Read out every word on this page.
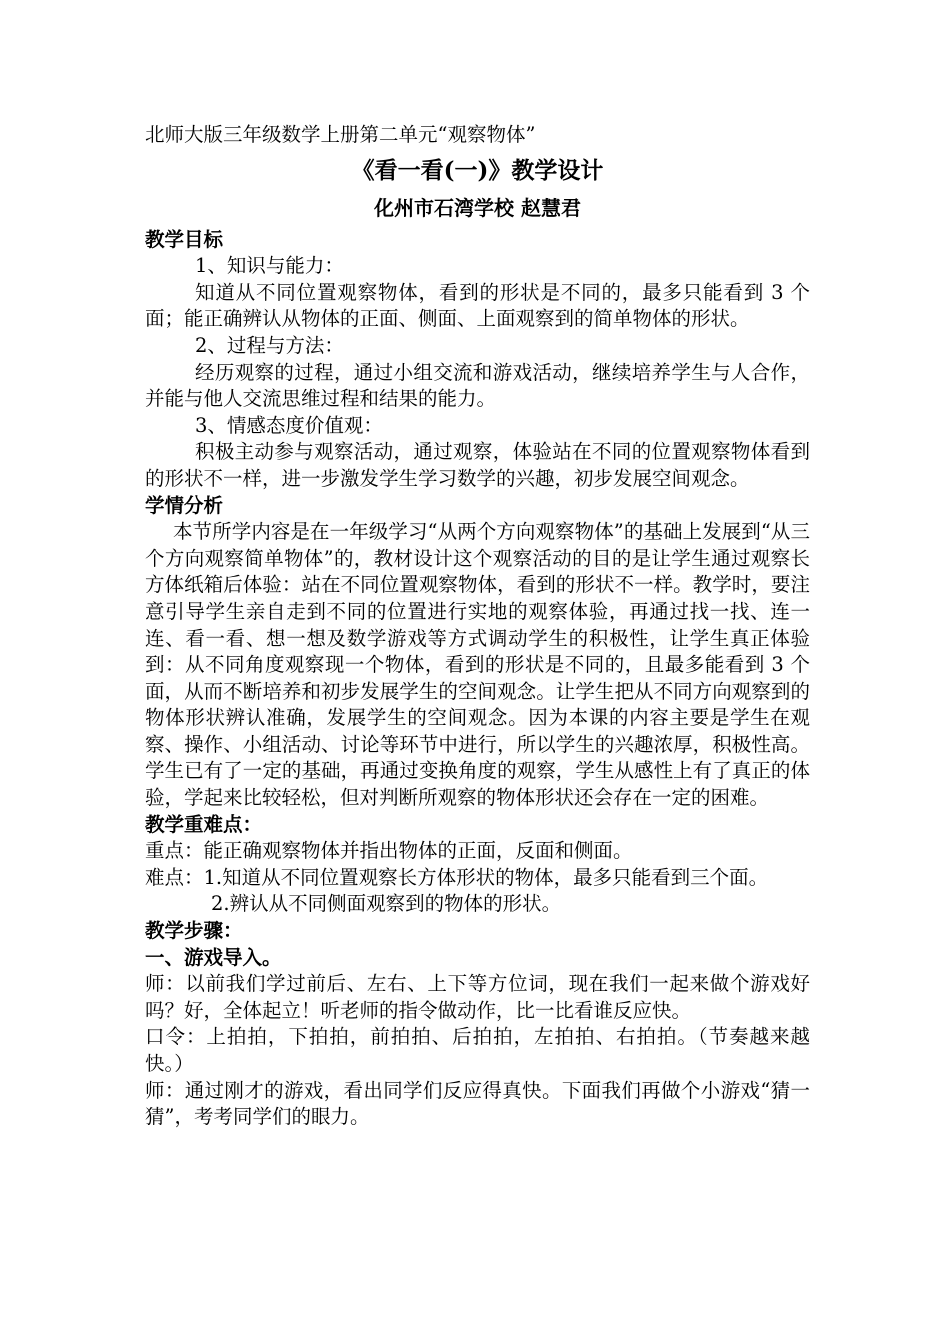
北师大版三年级数学上册第二单元“观察物体”

《看一看(一)》教学设计

化州市石湾学校 赵慧君

教学目标

1、知识与能力：

知道从不同位置观察物体，看到的形状是不同的，最多只能看到 3 个面；能正确辨认从物体的正面、侧面、上面观察到的简单物体的形状。

2、过程与方法：

经历观察的过程，通过小组交流和游戏活动，继续培养学生与人合作，并能与他人交流思维过程和结果的能力。

3、情感态度价值观：

积极主动参与观察活动，通过观察，体验站在不同的位置观察物体看到的形状不一样，进一步激发学生学习数学的兴趣，初步发展空间观念。

学情分析

本节所学内容是在一年级学习“从两个方向观察物体”的基础上发展到“从三个方向观察简单物体”的，教材设计这个观察活动的目的是让学生通过观察长方体纸箱后体验：站在不同位置观察物体，看到的形状不一样。教学时，要注意引导学生亲自走到不同的位置进行实地的观察体验，再通过找一找、连一连、看一看、想一想及数学游戏等方式调动学生的积极性，让学生真正体验到：从不同角度观察现一个物体，看到的形状是不同的，且最多能看到 3 个面，从而不断培养和初步发展学生的空间观念。让学生把从不同方向观察到的物体形状辨认准确，发展学生的空间观念。因为本课的内容主要是学生在观察、操作、小组活动、讨论等环节中进行，所以学生的兴趣浓厚，积极性高。学生已有了一定的基础，再通过变换角度的观察，学生从感性上有了真正的体验，学起来比较轻松，但对判断所观察的物体形状还会存在一定的困难。

教学重难点：

重点：能正确观察物体并指出物体的正面，反面和侧面。

难点：1.知道从不同位置观察长方体形状的物体，最多只能看到三个面。

2.辨认从不同侧面观察到的物体的形状。

教学步骤：

一、游戏导入。

师：以前我们学过前后、左右、上下等方位词，现在我们一起来做个游戏好吗？好，全体起立！听老师的指令做动作，比一比看谁反应快。

口令：上拍拍，下拍拍，前拍拍、后拍拍，左拍拍、右拍拍。（节奏越来越快。）

师：通过刚才的游戏，看出同学们反应得真快。下面我们再做个小游戏“猜一猜”，考考同学们的眼力。
